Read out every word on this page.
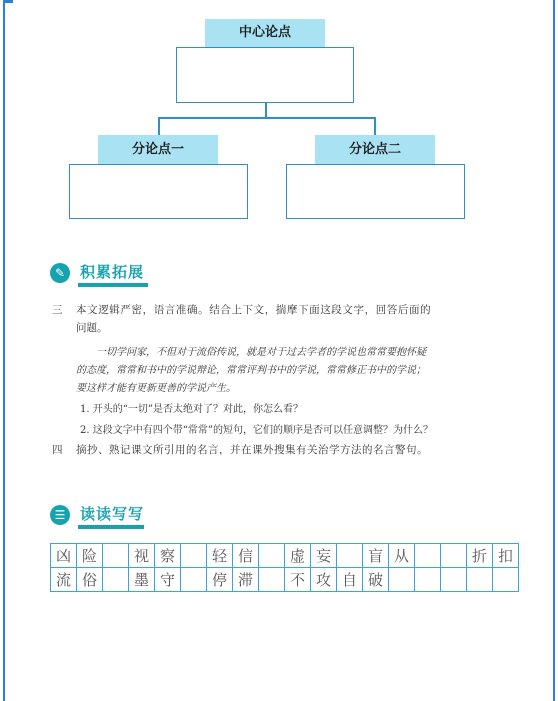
中心论点
分论点一	分论点二
✎ 积累拓展
三 本文逻辑严密，语言准确。结合上下文，揣摩下面这段文字，回答后面的
问题。
一切学问家，不但对于流俗传说，就是对于过去学者的学说也常常要抱怀疑
的态度，常常和书中的学说辩论，常常评判书中的学说，常常修正书中的学说；
要这样才能有更新更善的学说产生。
1. 开头的“一切”是否太绝对了？对此，你怎么看？
2. 这段文字中有四个带“常常”的短句，它们的顺序是否可以任意调整？为什么？
四 摘抄、熟记课文所引用的名言，并在课外搜集有关治学方法的名言警句。
☰ 读读写写
凶	险		视	察		轻	信		虚	妄		盲	从			折	扣
流	俗		墨	守		停	滞		不	攻	自	破					
